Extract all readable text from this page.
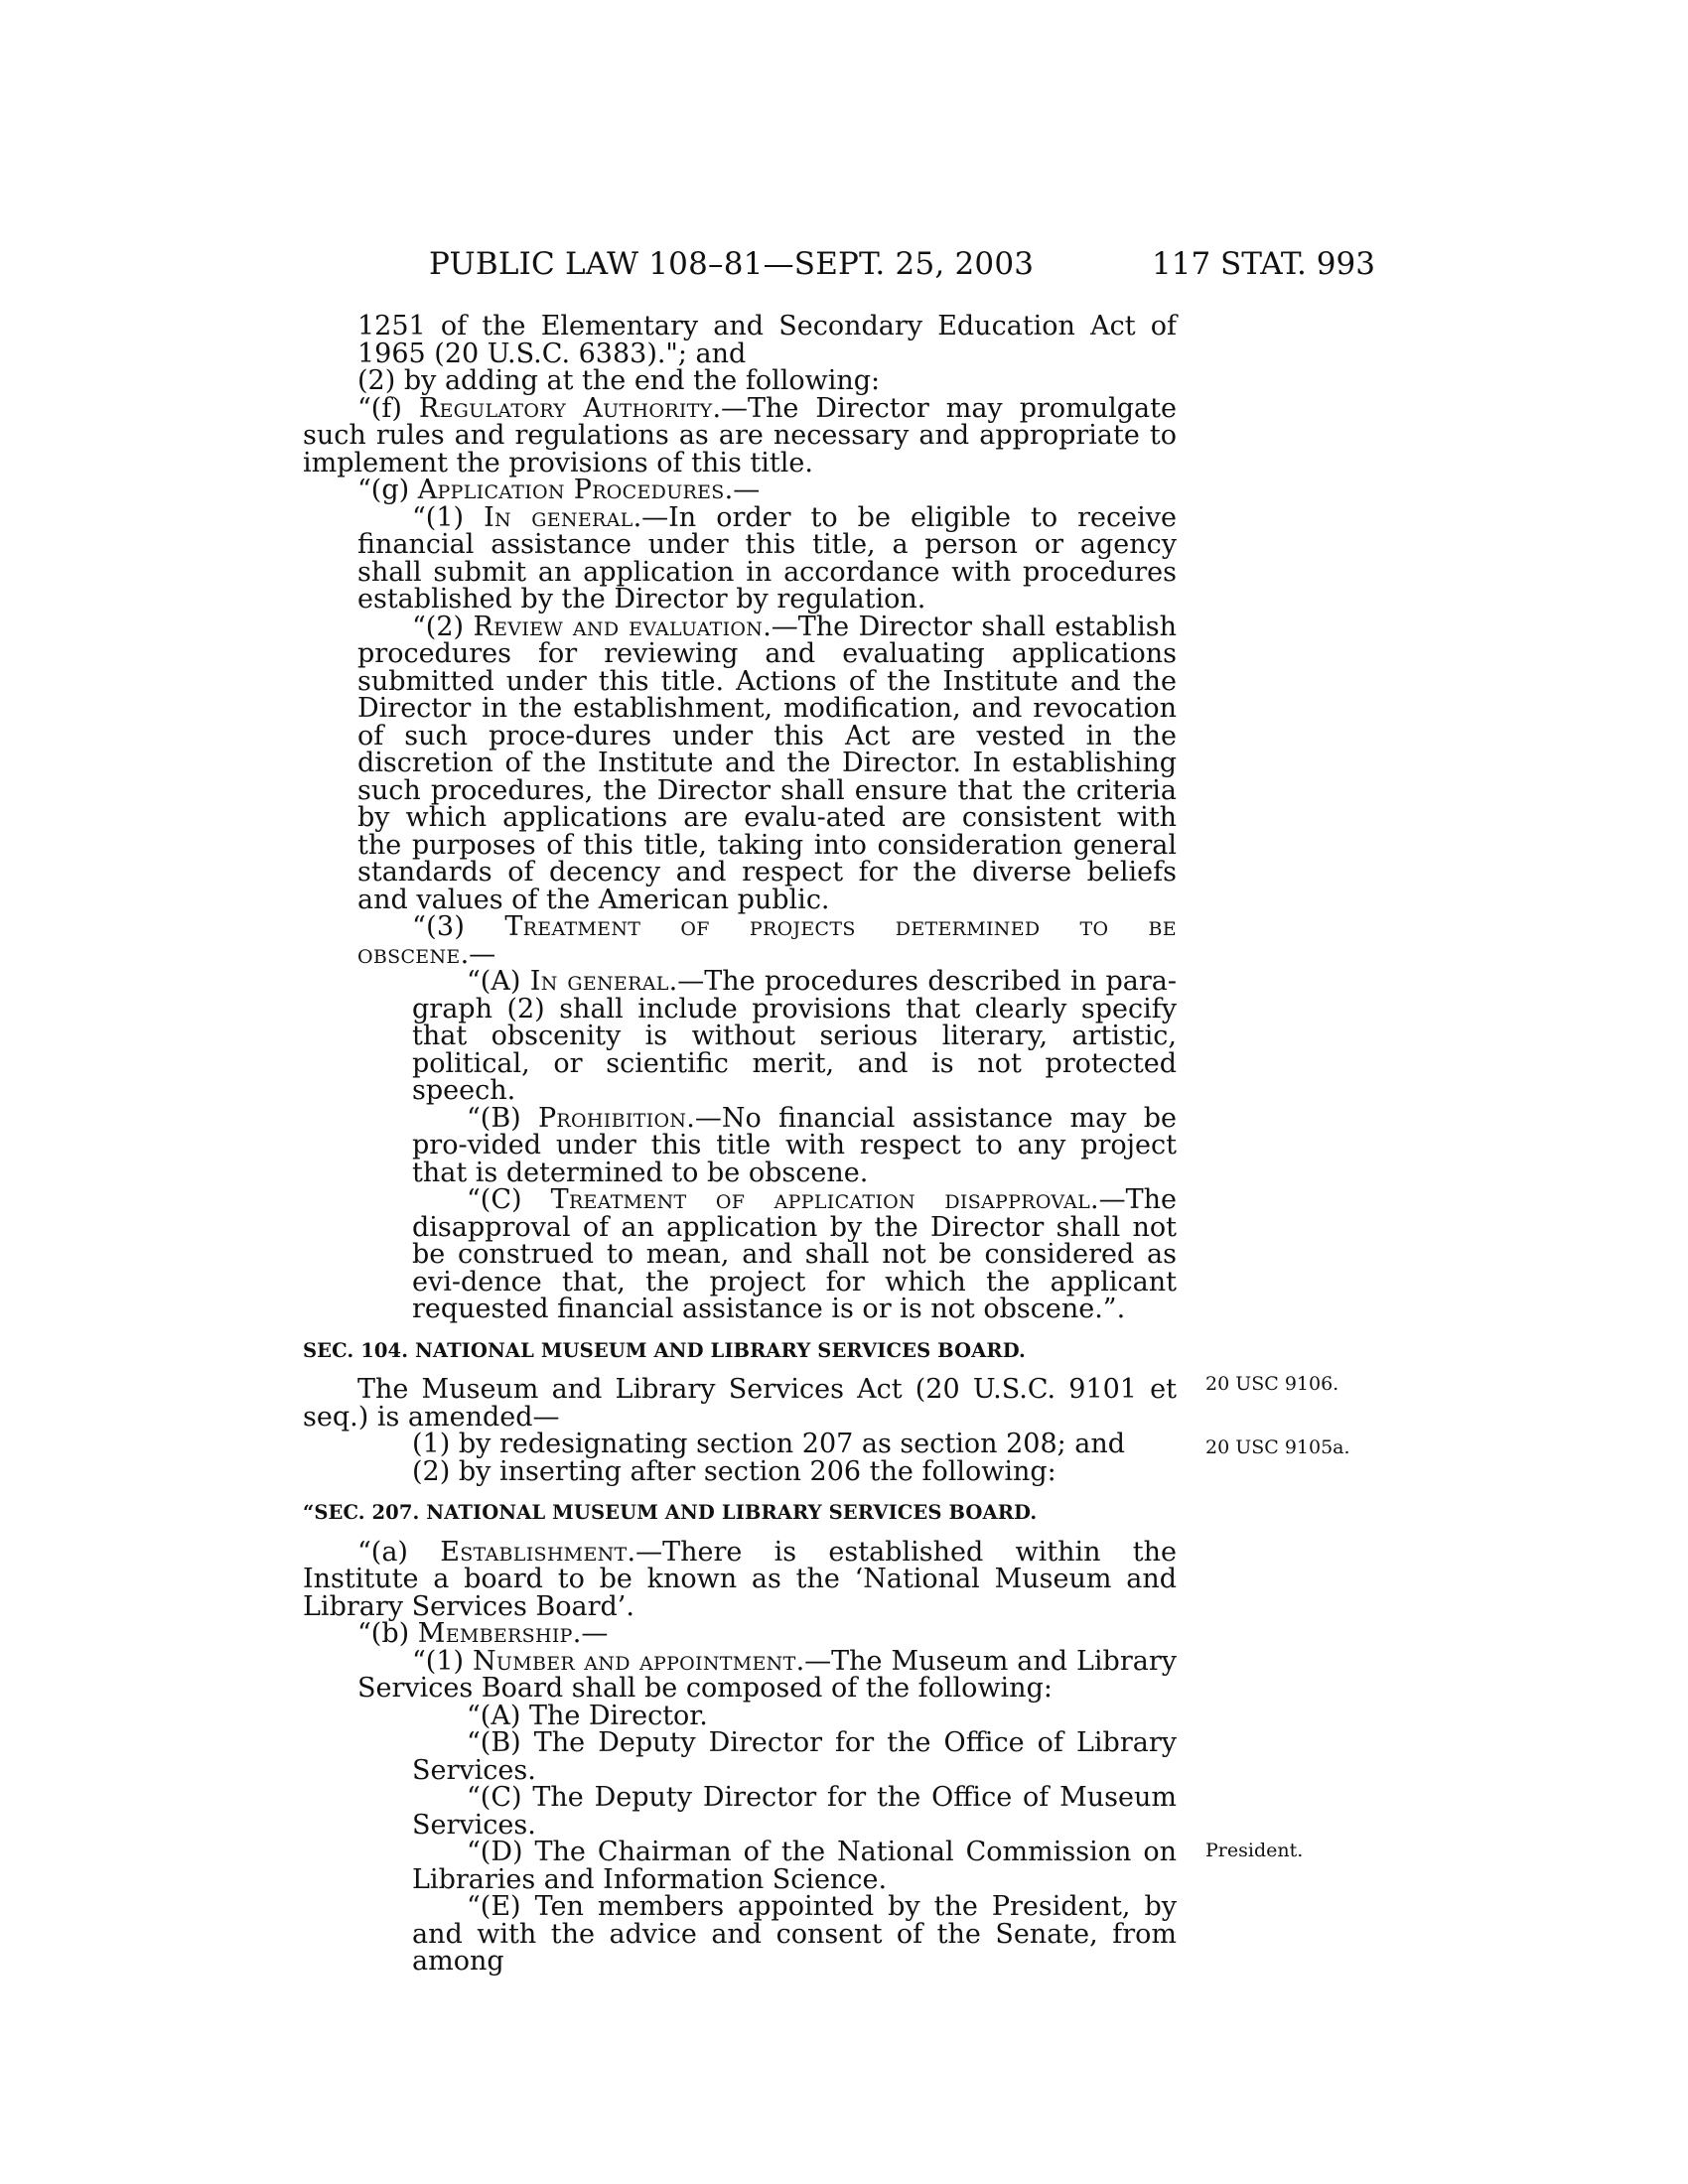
PUBLIC LAW 108–81—SEPT. 25, 2003	117 STAT. 993

1251 of the Elementary and Secondary Education Act of 1965 (20 U.S.C. 6383)."; and

(2) by adding at the end the following:

“(f) Regulatory Authority.—The Director may promulgate such rules and regulations as are necessary and appropriate to implement the provisions of this title.

“(g) Application Procedures.—

“(1) In general.—In order to be eligible to receive financial assistance under this title, a person or agency shall submit an application in accordance with procedures established by the Director by regulation.

“(2) Review and evaluation.—The Director shall establish procedures for reviewing and evaluating applications submitted under this title. Actions of the Institute and the Director in the establishment, modification, and revocation of such proce-dures under this Act are vested in the discretion of the Institute and the Director. In establishing such procedures, the Director shall ensure that the criteria by which applications are evalu-ated are consistent with the purposes of this title, taking into consideration general standards of decency and respect for the diverse beliefs and values of the American public.

“(3) Treatment of projects determined to be

obscene.—

“(A) In general.—The procedures described in para-graph (2) shall include provisions that clearly specify that obscenity is without serious literary, artistic, political, or scientific merit, and is not protected speech.

“(B) Prohibition.—No financial assistance may be pro-vided under this title with respect to any project that is determined to be obscene.

“(C) Treatment of application disapproval.—The disapproval of an application by the Director shall not be construed to mean, and shall not be considered as evi-dence that, the project for which the applicant requested financial assistance is or is not obscene.”.

SEC. 104. NATIONAL MUSEUM AND LIBRARY SERVICES BOARD.

The Museum and Library Services Act (20 U.S.C. 9101 et seq.) is amended—

(1) by redesignating section 207 as section 208; and

(2) by inserting after section 206 the following:

“SEC. 207. NATIONAL MUSEUM AND LIBRARY SERVICES BOARD.

“(a) Establishment.—There is established within the Institute a board to be known as the ‘National Museum and Library Services Board’.

“(b) Membership.—

“(1) Number and appointment.—The Museum and Library Services Board shall be composed of the following:

“(A) The Director.

“(B) The Deputy Director for the Office of Library Services.

“(C) The Deputy Director for the Office of Museum Services.

“(D) The Chairman of the National Commission on Libraries and Information Science.

“(E) Ten members appointed by the President, by and with the advice and consent of the Senate, from among

20 USC 9106.
20 USC 9105a.
President.
